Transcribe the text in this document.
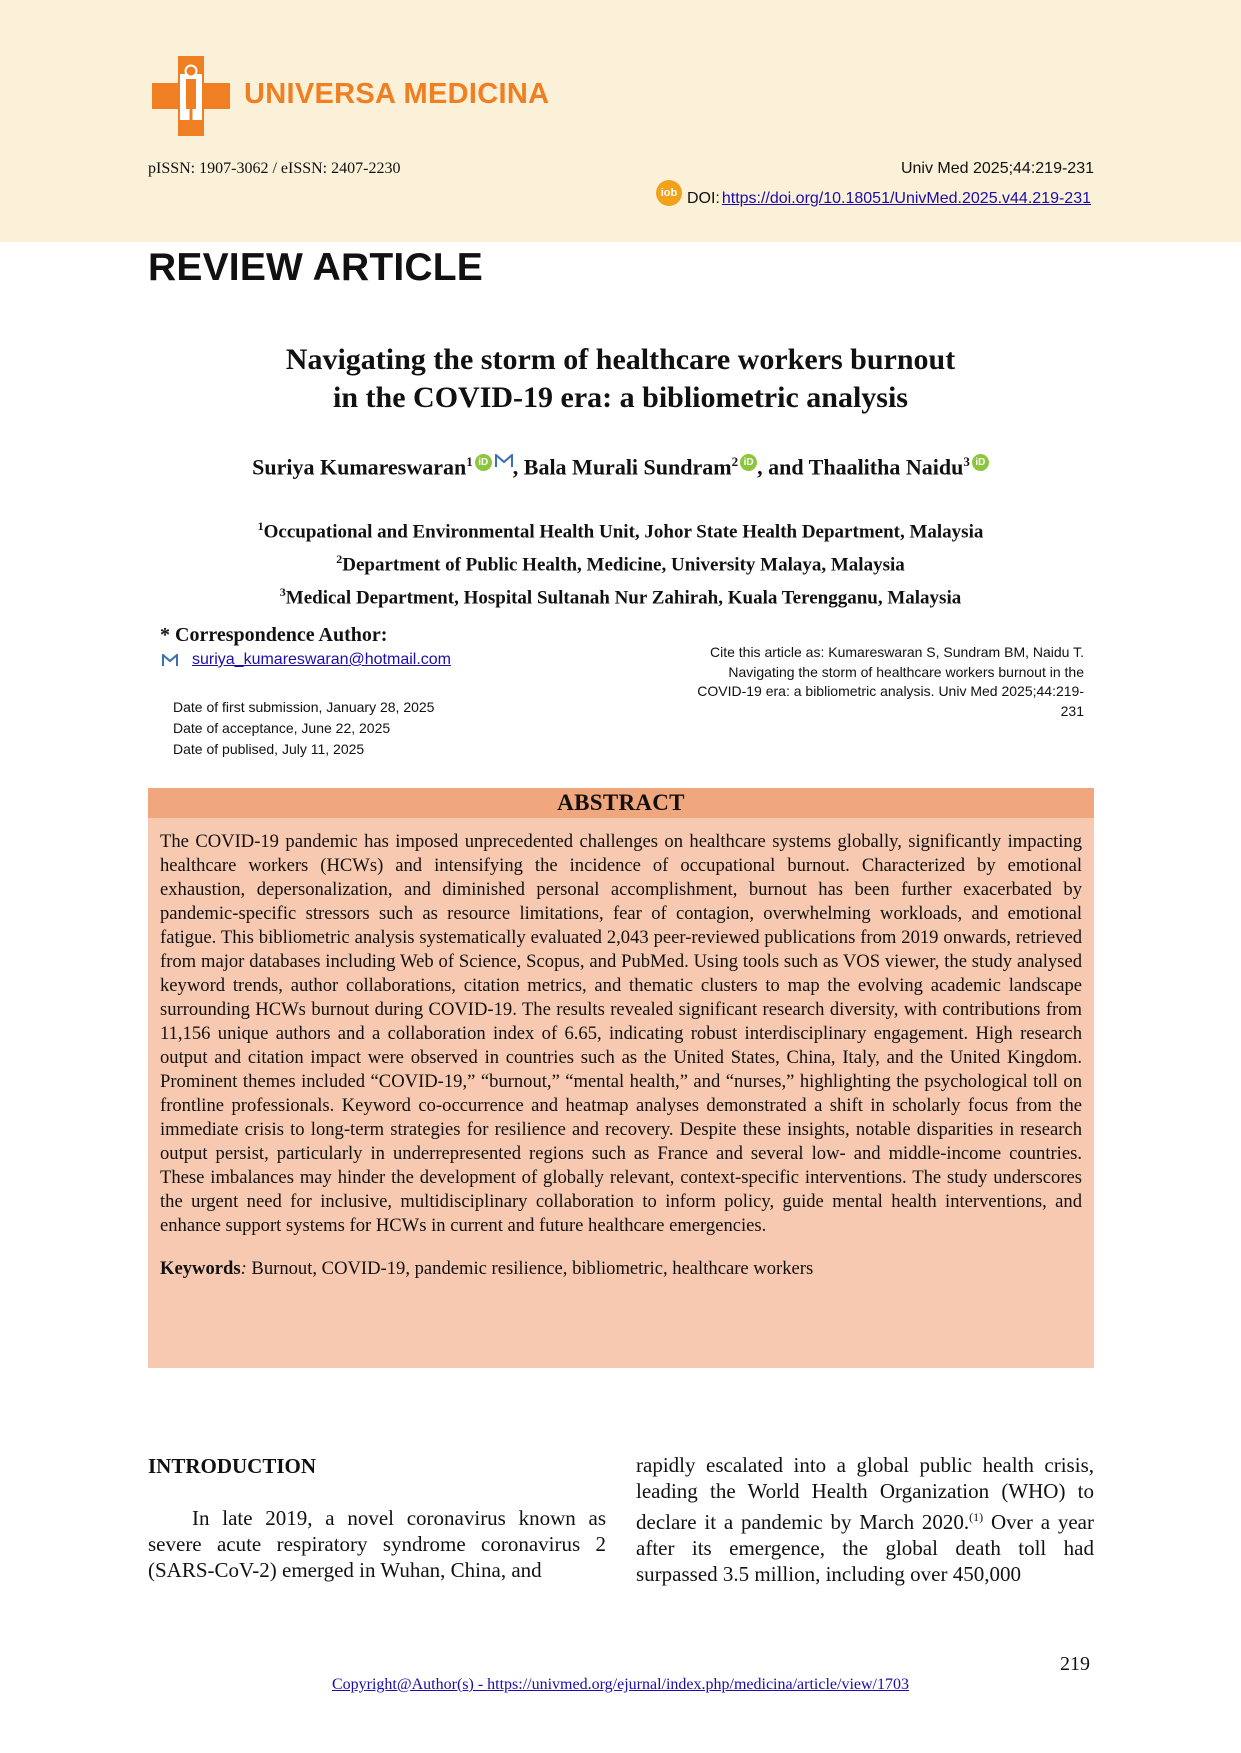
UNIVERSA MEDICINA
pISSN: 1907-3062 / eISSN: 2407-2230	Univ Med 2025;44:219-231
iob DOI: https://doi.org/10.18051/UnivMed.2025.v44.219-231
REVIEW ARTICLE
Navigating the storm of healthcare workers burnout
in the COVID-19 era: a bibliometric analysis
Suriya Kumareswaran$^1$ iD , Bala Murali Sundram$^2$ iD , and Thaalitha Naidu$^3$ iD
$^1$Occupational and Environmental Health Unit, Johor State Health Department, Malaysia
$^2$Department of Public Health, Medicine, University Malaya, Malaysia
$^3$Medical Department, Hospital Sultanah Nur Zahirah, Kuala Terengganu, Malaysia
* Correspondence Author:
suriya_kumareswaran@hotmail.com
Date of first submission, January 28, 2025
Date of acceptance, June 22, 2025
Date of publised, July 11, 2025
Cite this article as: Kumareswaran S, Sundram BM, Naidu T.
Navigating the storm of healthcare workers burnout in the
COVID-19 era: a bibliometric analysis. Univ Med 2025;44:219-
231
ABSTRACT
The COVID-19 pandemic has imposed unprecedented challenges on healthcare systems globally, significantly impacting healthcare workers (HCWs) and intensifying the incidence of occupational burnout. Characterized by emotional exhaustion, depersonalization, and diminished personal accomplishment, burnout has been further exacerbated by pandemic-specific stressors such as resource limitations, fear of contagion, overwhelming workloads, and emotional fatigue. This bibliometric analysis systematically evaluated 2,043 peer-reviewed publications from 2019 onwards, retrieved from major databases including Web of Science, Scopus, and PubMed. Using tools such as VOS viewer, the study analysed keyword trends, author collaborations, citation metrics, and thematic clusters to map the evolving academic landscape surrounding HCWs burnout during COVID-19. The results revealed significant research diversity, with contributions from 11,156 unique authors and a collaboration index of 6.65, indicating robust interdisciplinary engagement. High research output and citation impact were observed in countries such as the United States, China, Italy, and the United Kingdom. Prominent themes included “COVID-19,” “burnout,” “mental health,” and “nurses,” highlighting the psychological toll on frontline professionals. Keyword co-occurrence and heatmap analyses demonstrated a shift in scholarly focus from the immediate crisis to long-term strategies for resilience and recovery. Despite these insights, notable disparities in research output persist, particularly in underrepresented regions such as France and several low- and middle-income countries. These imbalances may hinder the development of globally relevant, context-specific interventions. The study underscores the urgent need for inclusive, multidisciplinary collaboration to inform policy, guide mental health interventions, and enhance support systems for HCWs in current and future healthcare emergencies.
Keywords: Burnout, COVID-19, pandemic resilience, bibliometric, healthcare workers
INTRODUCTION
In late 2019, a novel coronavirus known as severe acute respiratory syndrome coronavirus 2 (SARS-CoV-2) emerged in Wuhan, China, and
rapidly escalated into a global public health crisis, leading the World Health Organization (WHO) to declare it a pandemic by March 2020.$^{(1)}$ Over a year after its emergence, the global death toll had surpassed 3.5 million, including over 450,000
219
Copyright@Author(s) - https://univmed.org/ejurnal/index.php/medicina/article/view/1703
